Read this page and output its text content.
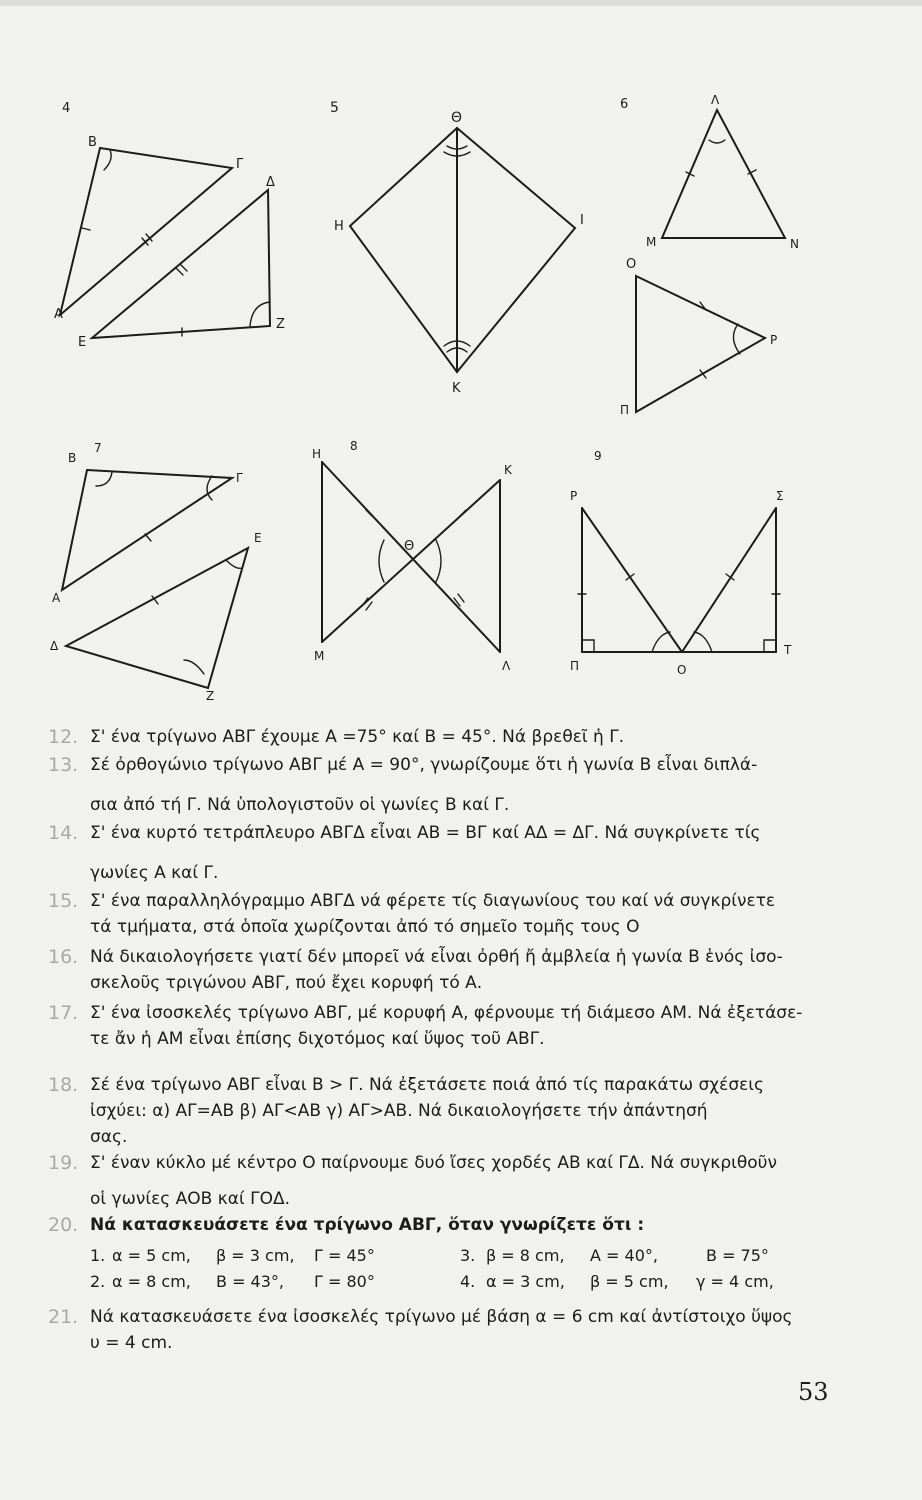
4	5	6
7	8
9
Β
Γ
Α
Δ
Ε
Ζ
Θ
Η	Ι
Κ
Λ
Μ	Ν
Ο
Ρ
Π
Β
Γ
Α
Ε
Δ
Ζ
Η
Κ
Θ
Μ
Λ
Ρ	Σ
Π	Ο
Τ
12. Σ' ένα τρίγωνο ΑΒΓ έχουμε Α =75° καί Β = 45°. Νά βρεθεῖ ἡ Γ.
13. Σέ ὀρθογώνιο τρίγωνο ΑΒΓ μέ Α = 90°, γνωρίζουμε ὅτι ἡ γωνία Β εἶναι διπλά-
σια ἀπό τή Γ. Νά ὑπολογιστοῦν οἱ γωνίες Β καί Γ.
14. Σ' ένα κυρτό τετράπλευρο ΑΒΓΔ εἶναι ΑΒ = ΒΓ καί ΑΔ = ΔΓ. Νά συγκρίνετε τίς
γωνίες Α καί Γ.
15. Σ' ένα παραλληλόγραμμο ΑΒΓΔ νά φέρετε τίς διαγωνίους του καί νά συγκρίνετε
τά τμήματα, στά ὁποῖα χωρίζονται ἀπό τό σημεῖο τομῆς τους Ο
16. Νά δικαιολογήσετε γιατί δέν μπορεῖ νά εἶναι ὀρθή ἤ ἀμβλεία ἡ γωνία Β ἑνός ἰσο-
σκελοῦς τριγώνου ΑΒΓ, πού ἔχει κορυφή τό Α.
17. Σ' ένα ἰσοσκελές τρίγωνο ΑΒΓ, μέ κορυφή Α, φέρνουμε τή διάμεσο ΑΜ. Νά ἐξετάσε-
τε ἄν ἡ ΑΜ εἶναι ἐπίσης διχοτόμος καί ὕψος τοῦ ΑΒΓ.
18. Σέ ένα τρίγωνο ΑΒΓ εἶναι Β > Γ. Νά ἐξετάσετε ποιά ἀπό τίς παρακάτω σχέσεις
ἰσχύει: α) ΑΓ=ΑΒ β) ΑΓ<ΑΒ γ) ΑΓ>ΑΒ. Νά δικαιολογήσετε τήν ἀπάντησή
σας.
19. Σ' έναν κύκλο μέ κέντρο Ο παίρνουμε δυό ἴσες χορδές ΑΒ καί ΓΔ. Νά συγκριθοῦν
οἱ γωνίες ΑΟΒ καί ΓΟΔ.
20. Νά κατασκευάσετε ένα τρίγωνο ΑΒΓ, ὅταν γνωρίζετε ὅτι :
1. α = 5 cm, β = 3 cm, Γ = 45°	3. β = 8 cm, Α = 40°,	Β = 75°
2. α = 8 cm, Β = 43°, Γ = 80°	4. α = 3 cm, β = 5 cm, γ = 4 cm,
21. Νά κατασκευάσετε ένα ἰσοσκελές τρίγωνο μέ βάση α = 6 cm καί ἀντίστοιχο ὕψος
υ = 4 cm.
53
